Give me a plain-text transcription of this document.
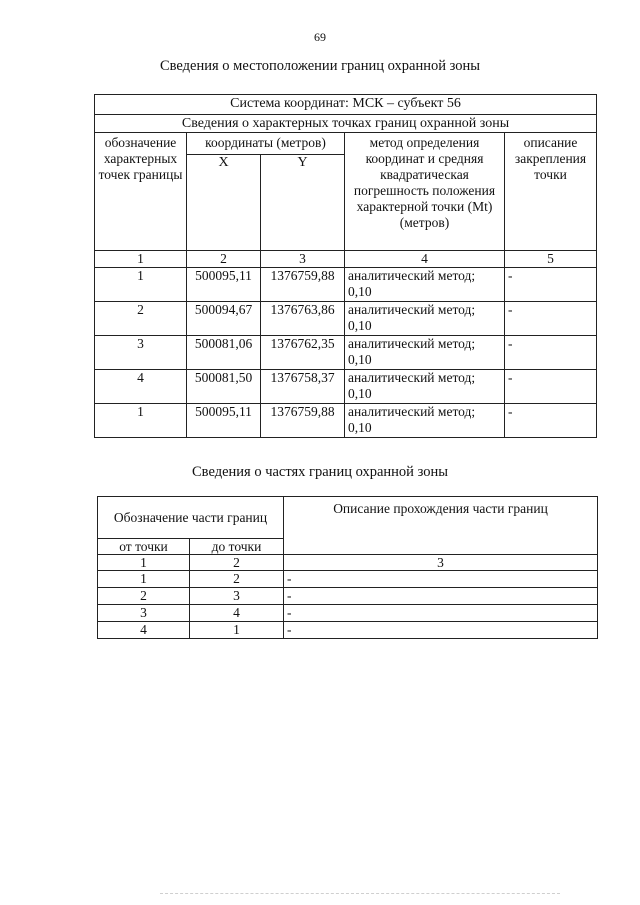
69
Сведения о местоположении границ охранной зоны
Система координат: МСК – субъект 56				
Сведения о характерных точках границ охранной зоны				
обозначение характерных точек границы	координаты (метров)		метод определения координат и средняя квадратическая погрешность положения характерной точки (Mt) (метров)	описание закрепления точки
	X	Y		
1	2	3	4	5
1	500095,11	1376759,88	аналитический метод; 0,10	-
2	500094,67	1376763,86	аналитический метод; 0,10	-
3	500081,06	1376762,35	аналитический метод; 0,10	-
4	500081,50	1376758,37	аналитический метод; 0,10	-
1	500095,11	1376759,88	аналитический метод; 0,10	-
Сведения о частях границ охранной зоны
Обозначение части границ		Описание прохождения части границ
от точки	до точки	
1	2	3
1	2	-
2	3	-
3	4	-
4	1	-
